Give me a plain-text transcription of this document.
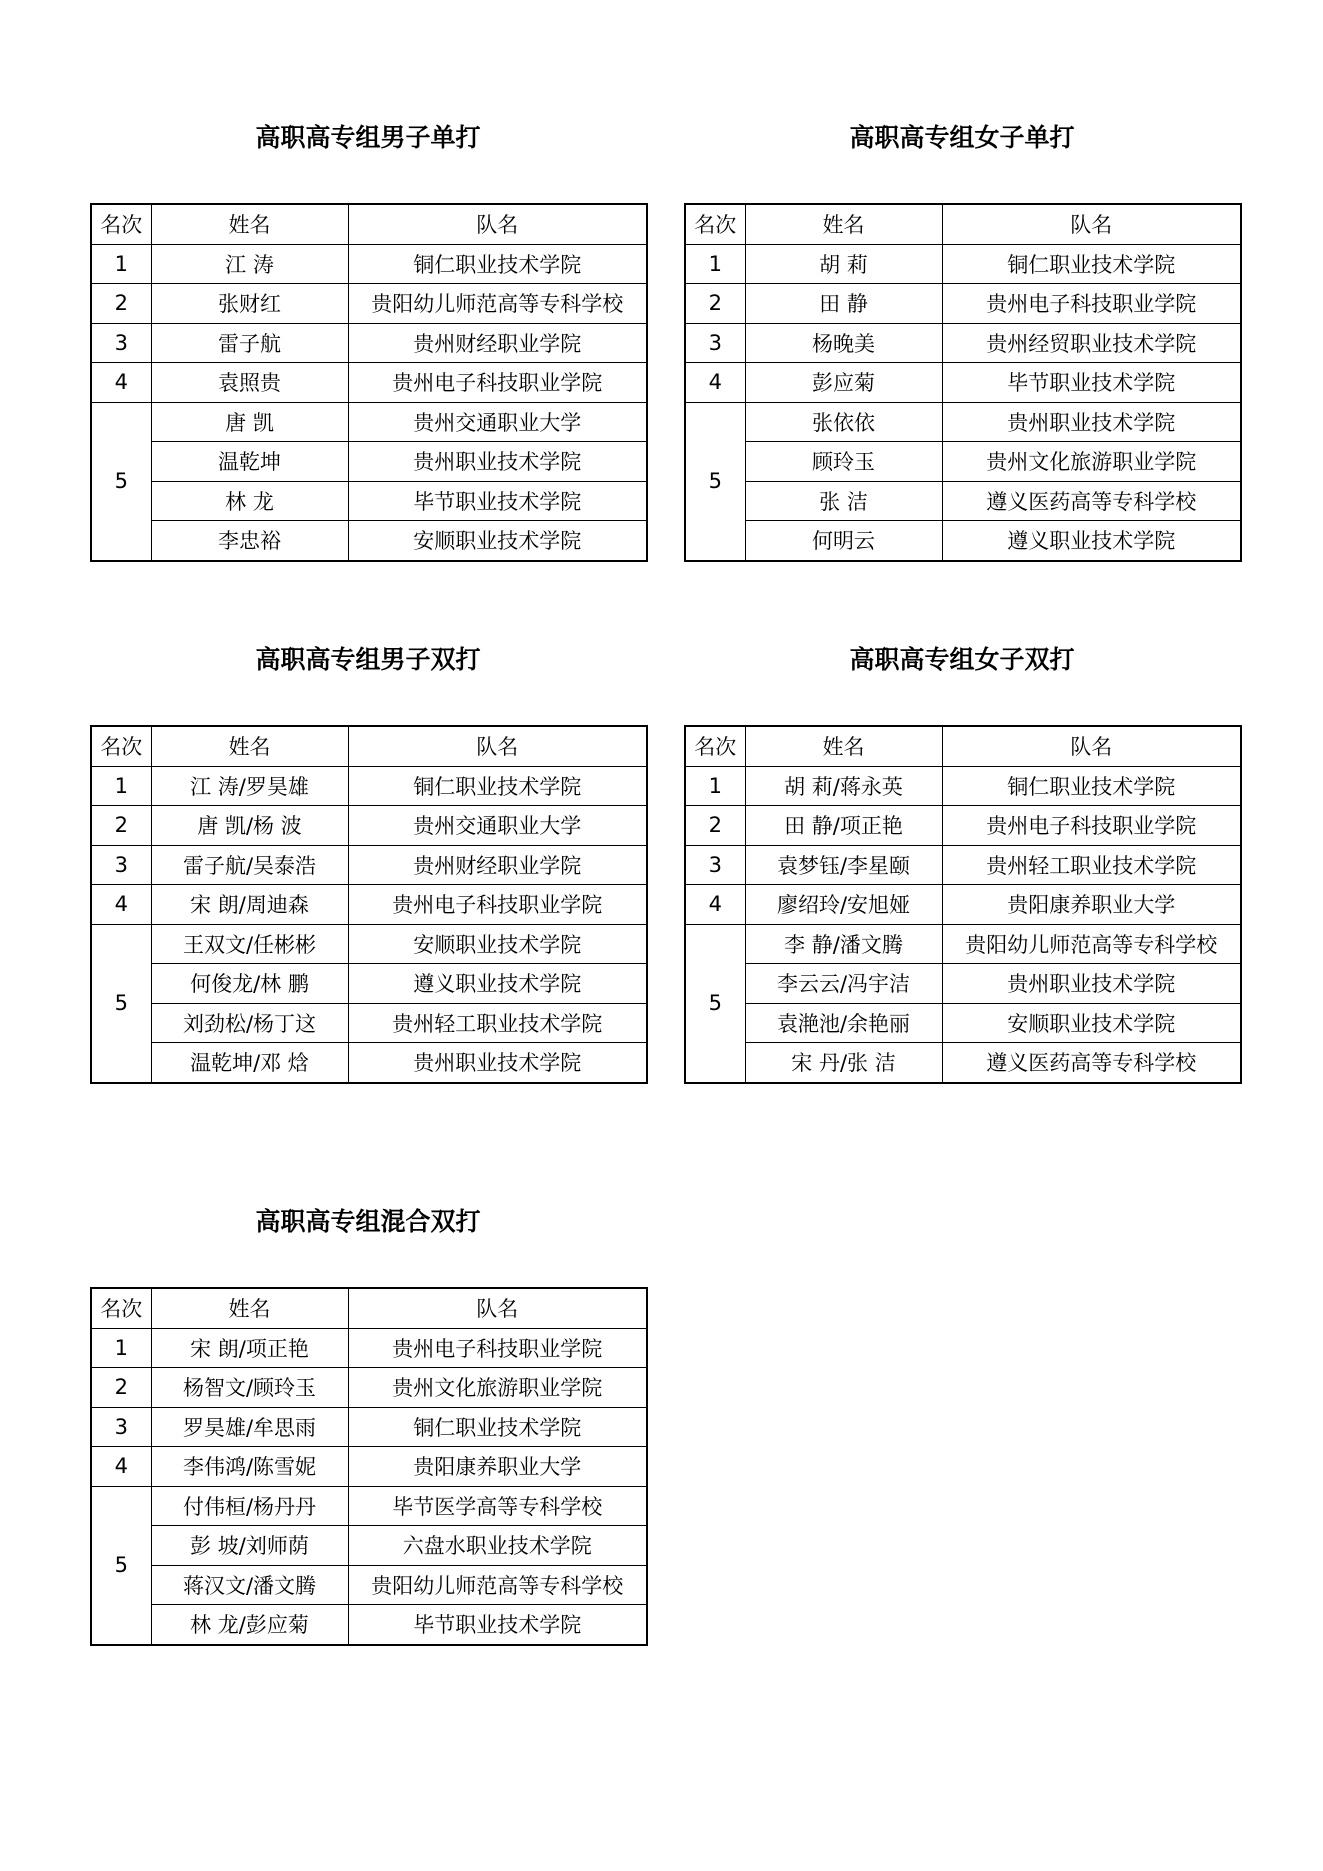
高职高专组男子单打
名次	姓名	队名
1	江 涛	铜仁职业技术学院
2	张财红	贵阳幼儿师范高等专科学校
3	雷子航	贵州财经职业学院
4	袁照贵	贵州电子科技职业学院
5	唐 凯	贵州交通职业大学
	温乾坤	贵州职业技术学院
	林 龙	毕节职业技术学院
	李忠裕	安顺职业技术学院
高职高专组女子单打
名次	姓名	队名
1	胡 莉	铜仁职业技术学院
2	田 静	贵州电子科技职业学院
3	杨晚美	贵州经贸职业技术学院
4	彭应菊	毕节职业技术学院
5	张依依	贵州职业技术学院
	顾玲玉	贵州文化旅游职业学院
	张 洁	遵义医药高等专科学校
	何明云	遵义职业技术学院
高职高专组男子双打
名次	姓名	队名
1	江 涛/罗昊雄	铜仁职业技术学院
2	唐 凯/杨 波	贵州交通职业大学
3	雷子航/吴泰浩	贵州财经职业学院
4	宋 朗/周迪森	贵州电子科技职业学院
5	王双文/任彬彬	安顺职业技术学院
	何俊龙/林 鹏	遵义职业技术学院
	刘劲松/杨丁这	贵州轻工职业技术学院
	温乾坤/邓 焓	贵州职业技术学院
高职高专组女子双打
名次	姓名	队名
1	胡 莉/蒋永英	铜仁职业技术学院
2	田 静/项正艳	贵州电子科技职业学院
3	袁梦钰/李星颐	贵州轻工职业技术学院
4	廖绍玲/安旭娅	贵阳康养职业大学
5	李 静/潘文腾	贵阳幼儿师范高等专科学校
	李云云/冯宇洁	贵州职业技术学院
	袁滟池/余艳丽	安顺职业技术学院
	宋 丹/张 洁	遵义医药高等专科学校
高职高专组混合双打
名次	姓名	队名
1	宋 朗/项正艳	贵州电子科技职业学院
2	杨智文/顾玲玉	贵州文化旅游职业学院
3	罗昊雄/牟思雨	铜仁职业技术学院
4	李伟鸿/陈雪妮	贵阳康养职业大学
5	付伟桓/杨丹丹	毕节医学高等专科学校
	彭 坡/刘师荫	六盘水职业技术学院
	蒋汉文/潘文腾	贵阳幼儿师范高等专科学校
	林 龙/彭应菊	毕节职业技术学院
